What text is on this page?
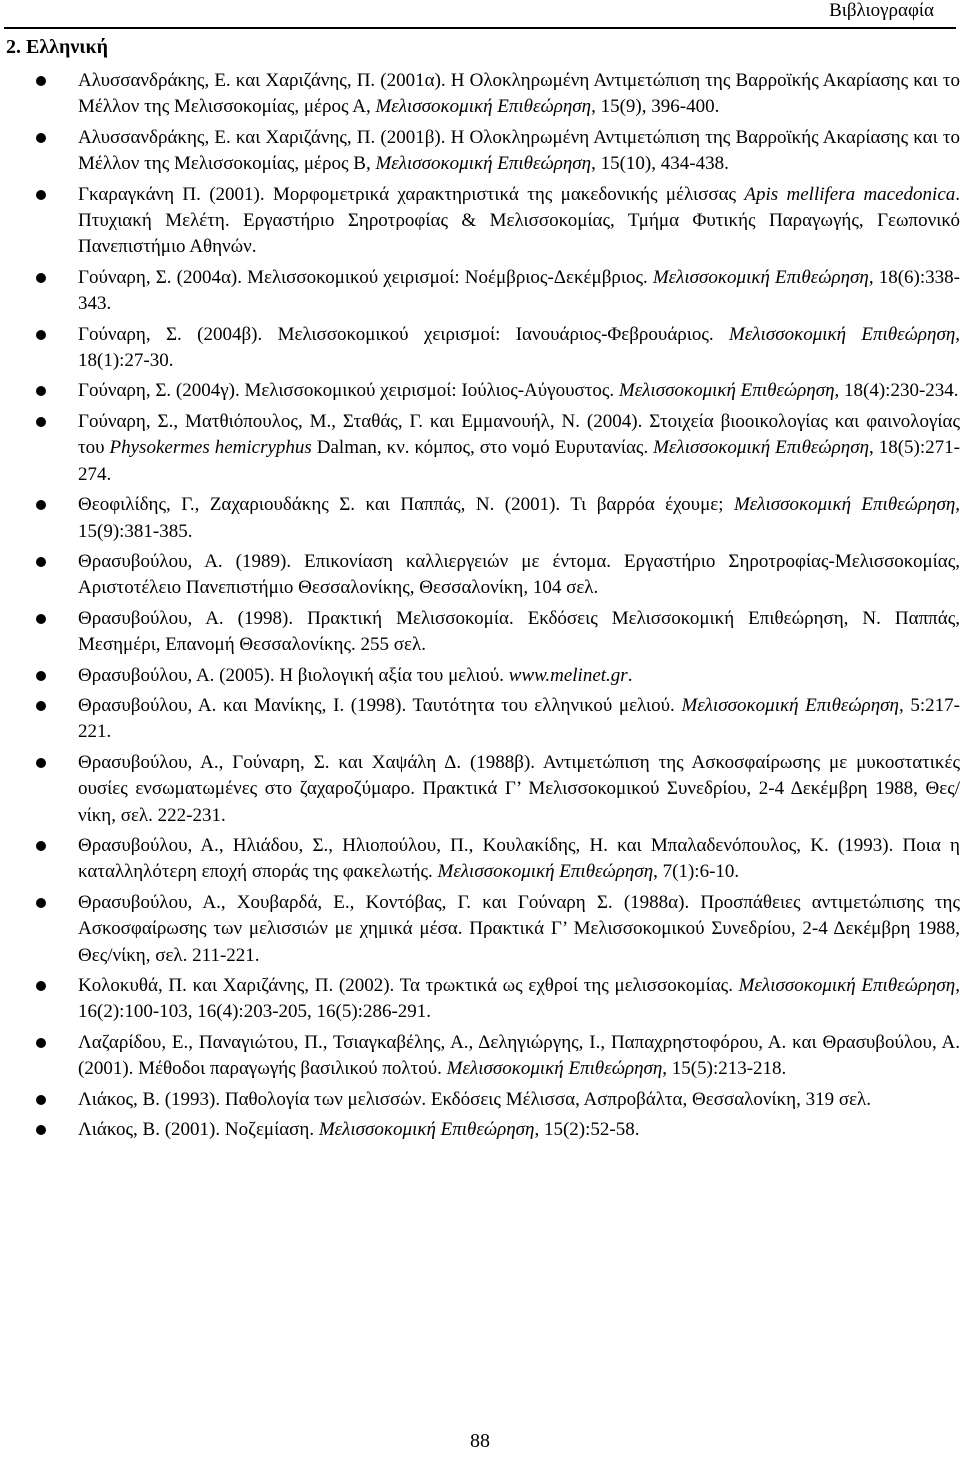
Βιβλιογραφία
2. Ελληνική
Αλυσσανδράκης, Ε. και Χαριζάνης, Π. (2001α). Η Ολοκληρωμένη Αντιμετώπιση της Βαρροϊκής Ακαρίασης και το Μέλλον της Μελισσοκομίας, μέρος Α, Μελισσοκομική Επιθεώρηση, 15(9), 396-400.
Αλυσσανδράκης, Ε. και Χαριζάνης, Π. (2001β). Η Ολοκληρωμένη Αντιμετώπιση της Βαρροϊκής Ακαρίασης και το Μέλλον της Μελισσοκομίας, μέρος Β, Μελισσοκομική Επιθεώρηση, 15(10), 434-438.
Γκαραγκάνη Π. (2001). Μορφομετρικά χαρακτηριστικά της μακεδονικής μέλισσας Apis mellifera macedonica. Πτυχιακή Μελέτη. Εργαστήριο Σηροτροφίας & Μελισσοκομίας, Τμήμα Φυτικής Παραγωγής, Γεωπονικό Πανεπιστήμιο Αθηνών.
Γούναρη, Σ. (2004α). Μελισσοκομικού χειρισμοί: Νοέμβριος-Δεκέμβριος. Μελισσοκομική Επιθεώρηση, 18(6):338-343.
Γούναρη, Σ. (2004β). Μελισσοκομικού χειρισμοί: Ιανουάριος-Φεβρουάριος. Μελισσοκομική Επιθεώρηση, 18(1):27-30.
Γούναρη, Σ. (2004γ). Μελισσοκομικού χειρισμοί: Ιούλιος-Αύγουστος. Μελισσοκομική Επιθεώρηση, 18(4):230-234.
Γούναρη, Σ., Ματθιόπουλος, Μ., Σταθάς, Γ. και Εμμανουήλ, Ν. (2004). Στοιχεία βιοοικολογίας και φαινολογίας του Physokermes hemicryphus Dalman, κν. κόμπος, στο νομό Ευρυτανίας. Μελισσοκομική Επιθεώρηση, 18(5):271-274.
Θεοφιλίδης, Γ., Ζαχαριουδάκης Σ. και Παππάς, Ν. (2001). Τι βαρρόα έχουμε; Μελισσοκομική Επιθεώρηση, 15(9):381-385.
Θρασυβούλου, Α. (1989). Επικονίαση καλλιεργειών με έντομα. Εργαστήριο Σηροτροφίας-Μελισσοκομίας, Αριστοτέλειο Πανεπιστήμιο Θεσσαλονίκης, Θεσσαλονίκη, 104 σελ.
Θρασυβούλου, Α. (1998). Πρακτική Μελισσοκομία. Εκδόσεις Μελισσοκομική Επιθεώρηση, Ν. Παππάς, Μεσημέρι, Επανομή Θεσσαλονίκης. 255 σελ.
Θρασυβούλου, Α. (2005). Η βιολογική αξία του μελιού. www.melinet.gr.
Θρασυβούλου, Α. και Μανίκης, Ι. (1998). Ταυτότητα του ελληνικού μελιού. Μελισσοκομική Επιθεώρηση, 5:217-221.
Θρασυβούλου, Α., Γούναρη, Σ. και Χαψάλη Δ. (1988β). Αντιμετώπιση της Ασκοσφαίρωσης με μυκοστατικές ουσίες ενσωματωμένες στο ζαχαροζύμαρο. Πρακτικά Γ’ Μελισσοκομικού Συνεδρίου, 2-4 Δεκέμβρη 1988, Θες/νίκη, σελ. 222-231.
Θρασυβούλου, Α., Ηλιάδου, Σ., Ηλιοπούλου, Π., Κουλακίδης, Η. και Μπαλαδενόπουλος, Κ. (1993). Ποια η καταλληλότερη εποχή σποράς της φακελωτής. Μελισσοκομική Επιθεώρηση, 7(1):6-10.
Θρασυβούλου, Α., Χουβαρδά, Ε., Κοντόβας, Γ. και Γούναρη Σ. (1988α). Προσπάθειες αντιμετώπισης της Ασκοσφαίρωσης των μελισσιών με χημικά μέσα. Πρακτικά Γ’ Μελισσοκομικού Συνεδρίου, 2-4 Δεκέμβρη 1988, Θες/νίκη, σελ. 211-221.
Κολοκυθά, Π. και Χαριζάνης, Π. (2002). Τα τρωκτικά ως εχθροί της μελισσοκομίας. Μελισσοκομική Επιθεώρηση, 16(2):100-103, 16(4):203-205, 16(5):286-291.
Λαζαρίδου, Ε., Παναγιώτου, Π., Τσιαγκαβέλης, Α., Δεληγιώργης, Ι., Παπαχρηστοφόρου, Α. και Θρασυβούλου, Α. (2001). Μέθοδοι παραγωγής βασιλικού πολτού. Μελισσοκομική Επιθεώρηση, 15(5):213-218.
Λιάκος, Β. (1993). Παθολογία των μελισσών. Εκδόσεις Μέλισσα, Ασπροβάλτα, Θεσσαλονίκη, 319 σελ.
Λιάκος, Β. (2001). Νοζεμίαση. Μελισσοκομική Επιθεώρηση, 15(2):52-58.
88
